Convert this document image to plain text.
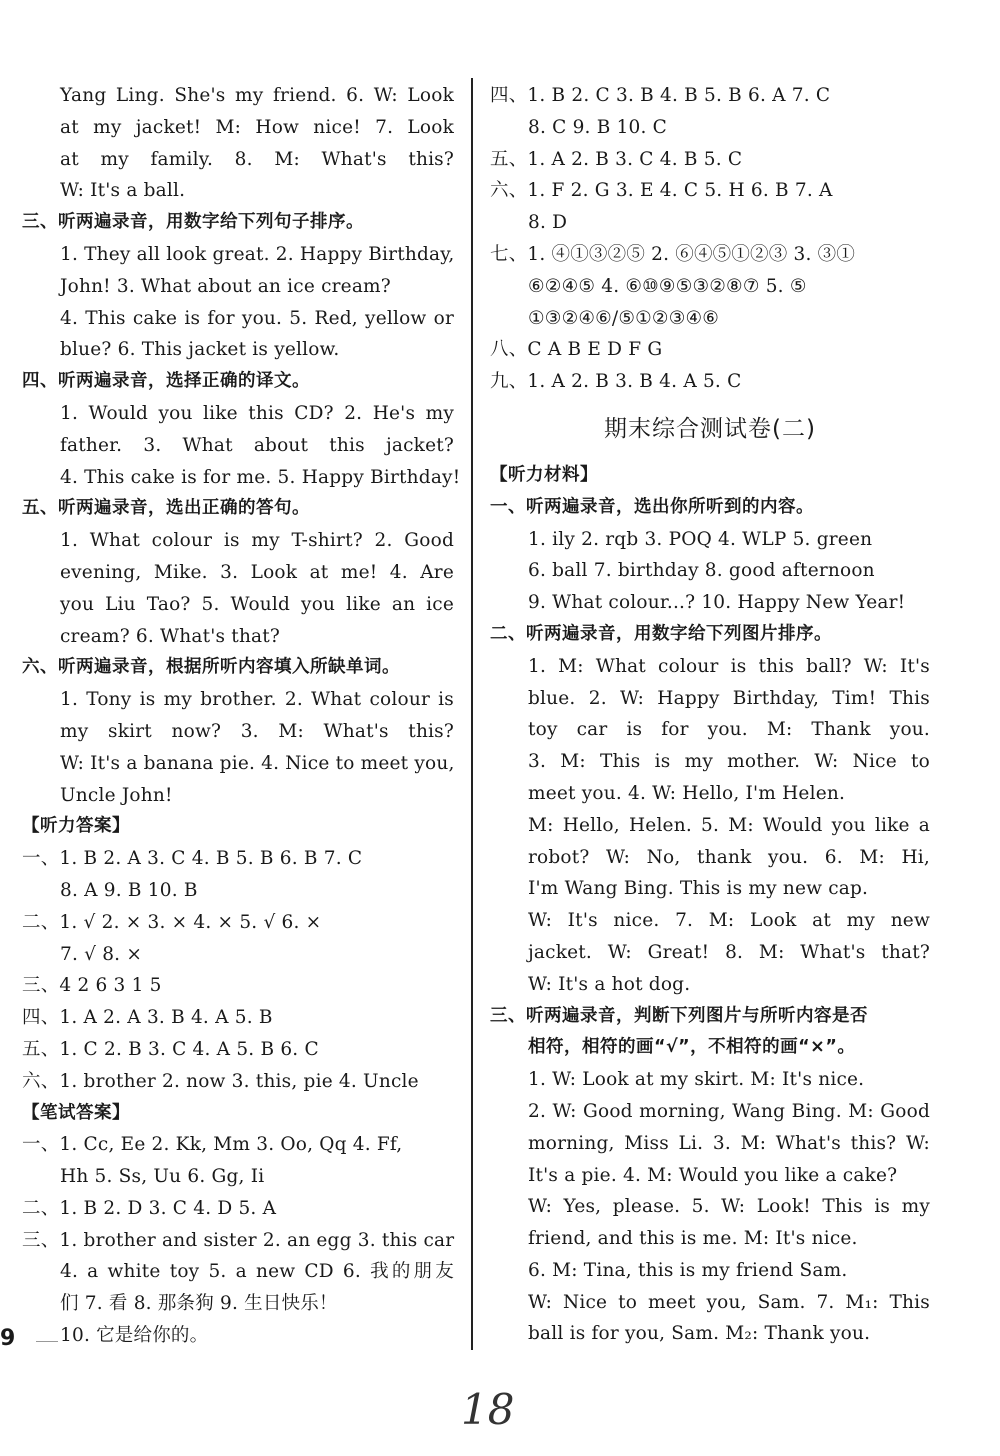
Yang Ling. She's my friend. 6. W: Look
at my jacket! M: How nice! 7. Look
at my family. 8. M: What's this?
W: It's a ball.
三、听两遍录音，用数字给下列句子排序。
1. They all look great. 2. Happy Birthday,
John! 3. What about an ice cream?
4. This cake is for you. 5. Red, yellow or
blue? 6. This jacket is yellow.
四、听两遍录音，选择正确的译文。
1. Would you like this CD? 2. He's my
father. 3. What about this jacket?
4. This cake is for me. 5. Happy Birthday!
五、听两遍录音，选出正确的答句。
1. What colour is my T-shirt? 2. Good
evening, Mike. 3. Look at me! 4. Are
you Liu Tao? 5. Would you like an ice
cream? 6. What's that?
六、听两遍录音，根据所听内容填入所缺单词。
1. Tony is my brother. 2. What colour is
my skirt now? 3. M: What's this?
W: It's a banana pie. 4. Nice to meet you,
Uncle John!
【听力答案】
一、1. B 2. A 3. C 4. B 5. B 6. B 7. C
8. A 9. B 10. B
二、1. √ 2. × 3. × 4. × 5. √ 6. ×
7. √ 8. ×
三、4 2 6 3 1 5
四、1. A 2. A 3. B 4. A 5. B
五、1. C 2. B 3. C 4. A 5. B 6. C
六、1. brother 2. now 3. this, pie 4. Uncle
【笔试答案】
一、1. Cc, Ee 2. Kk, Mm 3. Oo, Qq 4. Ff,
Hh 5. Ss, Uu 6. Gg, Ii
二、1. B 2. D 3. C 4. D 5. A
三、1. brother and sister 2. an egg 3. this car
4. a white toy 5. a new CD 6. 我的朋友
们 7. 看 8. 那条狗 9. 生日快乐！
10. 它是给你的。
四、1. B 2. C 3. B 4. B 5. B 6. A 7. C
8. C 9. B 10. C
五、1. A 2. B 3. C 4. B 5. C
六、1. F 2. G 3. E 4. C 5. H 6. B 7. A
8. D
七、1. ④①③②⑤ 2. ⑥④⑤①②③ 3. ③①
⑥②④⑤ 4. ⑥⑩⑨⑤③②⑧⑦ 5. ⑤
①③②④⑥/⑤①②③④⑥
八、C A B E D F G
九、1. A 2. B 3. B 4. A 5. C
期末综合测试卷(二)
【听力材料】
一、听两遍录音，选出你所听到的内容。
1. ily 2. rqb 3. POQ 4. WLP 5. green
6. ball 7. birthday 8. good afternoon
9. What colour...? 10. Happy New Year!
二、听两遍录音，用数字给下列图片排序。
1. M: What colour is this ball? W: It's
blue. 2. W: Happy Birthday, Tim! This
toy car is for you. M: Thank you.
3. M: This is my mother. W: Nice to
meet you. 4. W: Hello, I'm Helen.
M: Hello, Helen. 5. M: Would you like a
robot? W: No, thank you. 6. M: Hi,
I'm Wang Bing. This is my new cap.
W: It's nice. 7. M: Look at my new
jacket. W: Great! 8. M: What's that?
W: It's a hot dog.
三、听两遍录音，判断下列图片与所听内容是否
相符，相符的画“√”，不相符的画“×”。
1. W: Look at my skirt. M: It's nice.
2. W: Good morning, Wang Bing. M: Good
morning, Miss Li. 3. M: What's this? W:
It's a pie. 4. M: Would you like a cake?
W: Yes, please. 5. W: Look! This is my
friend, and this is me. M: It's nice.
6. M: Tina, this is my friend Sam.
W: Nice to meet you, Sam. 7. M₁: This
ball is for you, Sam. M₂: Thank you.
9
18
